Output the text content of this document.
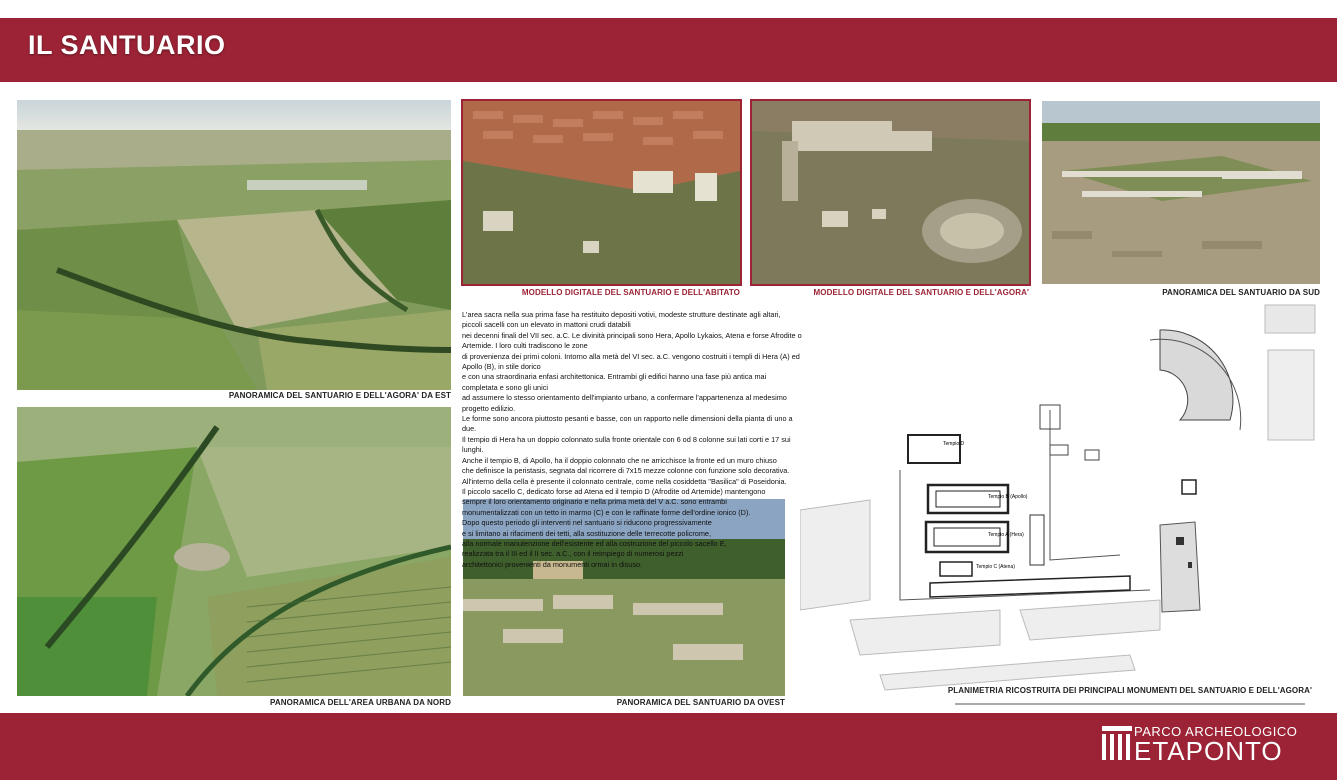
IL SANTUARIO
PANORAMICA DEL SANTUARIO E DELL'AGORA' DA EST
PANORAMICA DELL'AREA URBANA DA NORD
MODELLO DIGITALE DEL SANTUARIO E DELL'ABITATO	MODELLO DIGITALE DEL SANTUARIO E DELL'AGORA'	PANORAMICA DEL SANTUARIO DA SUD
PANORAMICA DEL SANTUARIO DA OVEST

L'area sacra nella sua prima fase ha restituito depositi votivi, modeste strutture destinate agli altari, piccoli sacelli con un elevato in mattoni crudi databili

nei decenni finali del VII sec. a.C. Le divinità principali sono Hera, Apollo Lykaios, Atena e forse Afrodite o Artemide. I loro culti tradiscono le zone

di provenienza dei primi coloni. Intorno alla metà del VI sec. a.C. vengono costruiti i templi di Hera (A) ed Apollo (B), in stile dorico

e con una straordinaria enfasi architettonica. Entrambi gli edifici hanno una fase più antica mai completata e sono gli unici

ad assumere lo stesso orientamento dell'impianto urbano, a confermare l'appartenenza al medesimo progetto edilizio.

Le forme sono ancora piuttosto pesanti e basse, con un rapporto nelle dimensioni della pianta di uno a due.

Il tempio di Hera ha un doppio colonnato sulla fronte orientale con 6 od 8 colonne sui lati corti e 17 sui lunghi.

Anche il tempio B, di Apollo, ha il doppio colonnato che ne arricchisce la fronte ed un muro chiuso

che definisce la peristasis, segnata dal ricorrere di 7x15 mezze colonne con funzione solo decorativa.

All'interno della cella è presente il colonnato centrale, come nella cosiddetta "Basilica" di Poseidonia.

Il piccolo sacello C, dedicato forse ad Atena ed il tempio D (Afrodite od Artemide) mantengono

sempre il loro orientamento originario e nella prima metà del V a.C. sono entrambi

monumentalizzati con un tetto in marmo (C) e con le raffinate forme dell'ordine ionico (D).

Dopo questo periodo gli interventi nel santuario si riducono progressivamente

e si limitano ai rifacimenti dei tetti, alla sostituzione delle terrecotte policrome,

alla normale manutenzione dell'esistente ed alla costruzione del piccolo sacello E,

realizzata tra il III ed il II sec. a.C., con il reimpiego di numerosi pezzi

architettonici provenienti da monumenti ormai in disuso.

Tempio D
Tempio B (Apollo)
Tempio A (Hera)
Tempio C (Atena)
PLANIMETRIA RICOSTRUITA DEI PRINCIPALI MONUMENTI DEL SANTUARIO E DELL'AGORA'
PARCO ARCHEOLOGICO
ETAPONTO
